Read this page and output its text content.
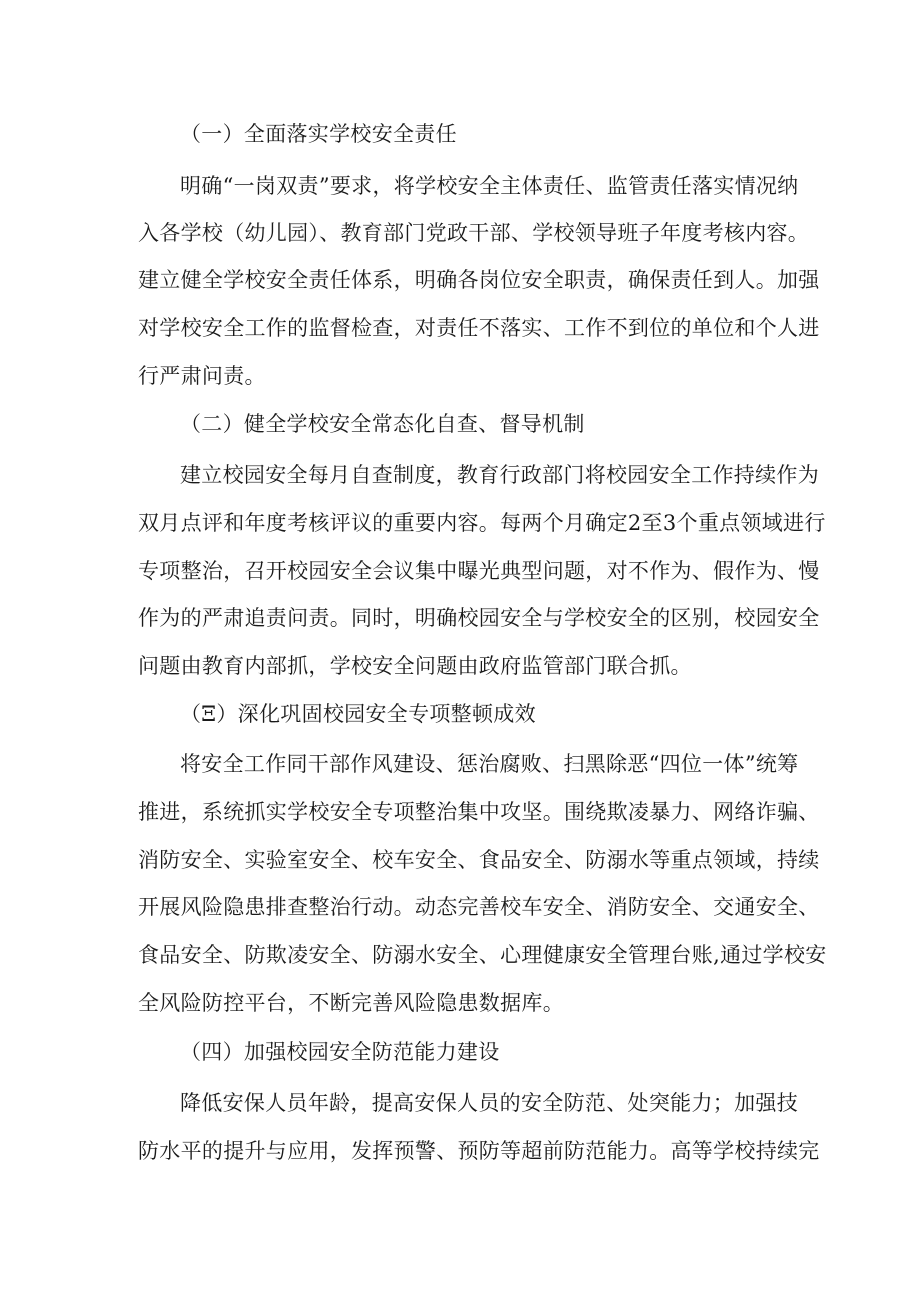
（一）全面落实学校安全责任
明确“一岗双责”要求，将学校安全主体责任、监管责任落实情况纳
入各学校（幼儿园）、教育部门党政干部、学校领导班子年度考核内容。
建立健全学校安全责任体系，明确各岗位安全职责，确保责任到人。加强
对学校安全工作的监督检查，对责任不落实、工作不到位的单位和个人进
行严肃问责。
（二）健全学校安全常态化自查、督导机制
建立校园安全每月自查制度，教育行政部门将校园安全工作持续作为
双月点评和年度考核评议的重要内容。每两个月确定2至3个重点领域进行
专项整治，召开校园安全会议集中曝光典型问题，对不作为、假作为、慢
作为的严肃追责问责。同时，明确校园安全与学校安全的区别，校园安全
问题由教育内部抓，学校安全问题由政府监管部门联合抓。
（Ξ）深化巩固校园安全专项整顿成效
将安全工作同干部作风建设、惩治腐败、扫黑除恶“四位一体”统筹
推进，系统抓实学校安全专项整治集中攻坚。围绕欺凌暴力、网络诈骗、
消防安全、实验室安全、校车安全、食品安全、防溺水等重点领域，持续
开展风险隐患排查整治行动。动态完善校车安全、消防安全、交通安全、
食品安全、防欺凌安全、防溺水安全、心理健康安全管理台账,通过学校安
全风险防控平台，不断完善风险隐患数据库。
（四）加强校园安全防范能力建设
降低安保人员年龄，提高安保人员的安全防范、处突能力；加强技
防水平的提升与应用，发挥预警、预防等超前防范能力。高等学校持续完
